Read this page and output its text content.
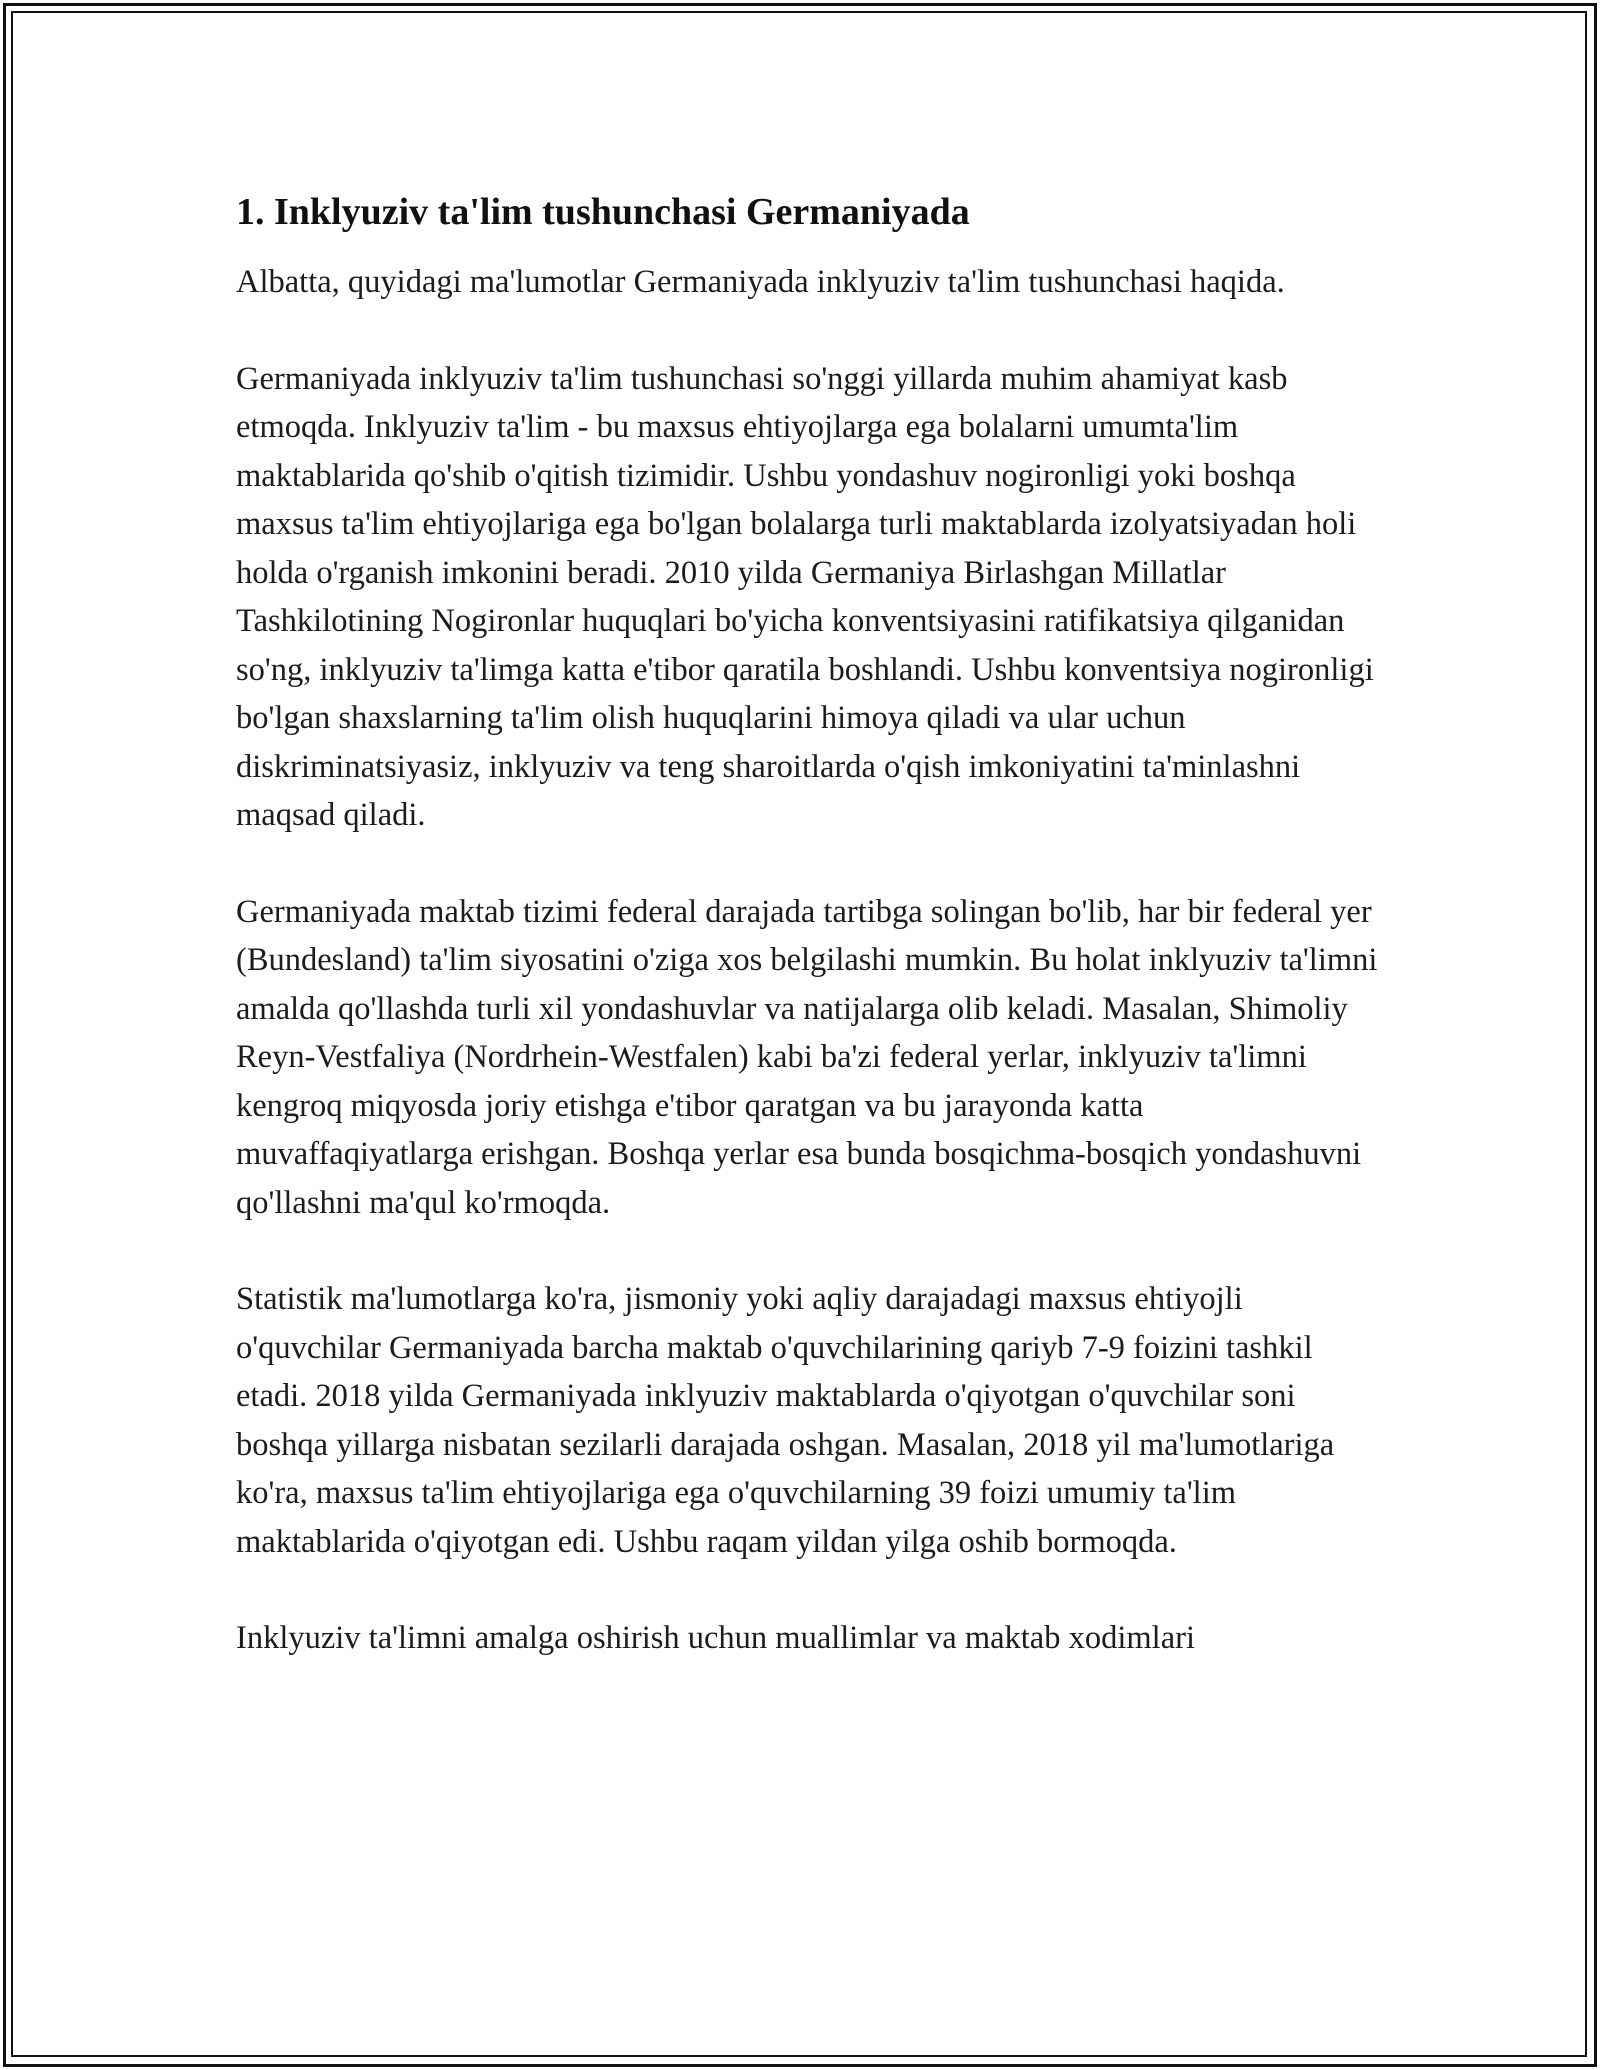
1. Inklyuziv ta'lim tushunchasi Germaniyada

Albatta, quyidagi ma'lumotlar Germaniyada inklyuziv ta'lim tushunchasi haqida.

Germaniyada inklyuziv ta'lim tushunchasi so'nggi yillarda muhim ahamiyat kasb etmoqda. Inklyuziv ta'lim - bu maxsus ehtiyojlarga ega bolalarni umumta'lim maktablarida qo'shib o'qitish tizimidir. Ushbu yondashuv nogironligi yoki boshqa maxsus ta'lim ehtiyojlariga ega bo'lgan bolalarga turli maktablarda izolyatsiyadan holi holda o'rganish imkonini beradi. 2010 yilda Germaniya Birlashgan Millatlar Tashkilotining Nogironlar huquqlari bo'yicha konventsiyasini ratifikatsiya qilganidan so'ng, inklyuziv ta'limga katta e'tibor qaratila boshlandi. Ushbu konventsiya nogironligi bo'lgan shaxslarning ta'lim olish huquqlarini himoya qiladi va ular uchun diskriminatsiyasiz, inklyuziv va teng sharoitlarda o'qish imkoniyatini ta'minlashni maqsad qiladi.

Germaniyada maktab tizimi federal darajada tartibga solingan bo'lib, har bir federal yer (Bundesland) ta'lim siyosatini o'ziga xos belgilashi mumkin. Bu holat inklyuziv ta'limni amalda qo'llashda turli xil yondashuvlar va natijalarga olib keladi. Masalan, Shimoliy Reyn-Vestfaliya (Nordrhein-Westfalen) kabi ba'zi federal yerlar, inklyuziv ta'limni kengroq miqyosda joriy etishga e'tibor qaratgan va bu jarayonda katta muvaffaqiyatlarga erishgan. Boshqa yerlar esa bunda bosqichma-bosqich yondashuvni qo'llashni ma'qul ko'rmoqda.

Statistik ma'lumotlarga ko'ra, jismoniy yoki aqliy darajadagi maxsus ehtiyojli o'quvchilar Germaniyada barcha maktab o'quvchilarining qariyb 7-9 foizini tashkil etadi. 2018 yilda Germaniyada inklyuziv maktablarda o'qiyotgan o'quvchilar soni boshqa yillarga nisbatan sezilarli darajada oshgan. Masalan, 2018 yil ma'lumotlariga ko'ra, maxsus ta'lim ehtiyojlariga ega o'quvchilarning 39 foizi umumiy ta'lim maktablarida o'qiyotgan edi. Ushbu raqam yildan yilga oshib bormoqda.

Inklyuziv ta'limni amalga oshirish uchun muallimlar va maktab xodimlari
